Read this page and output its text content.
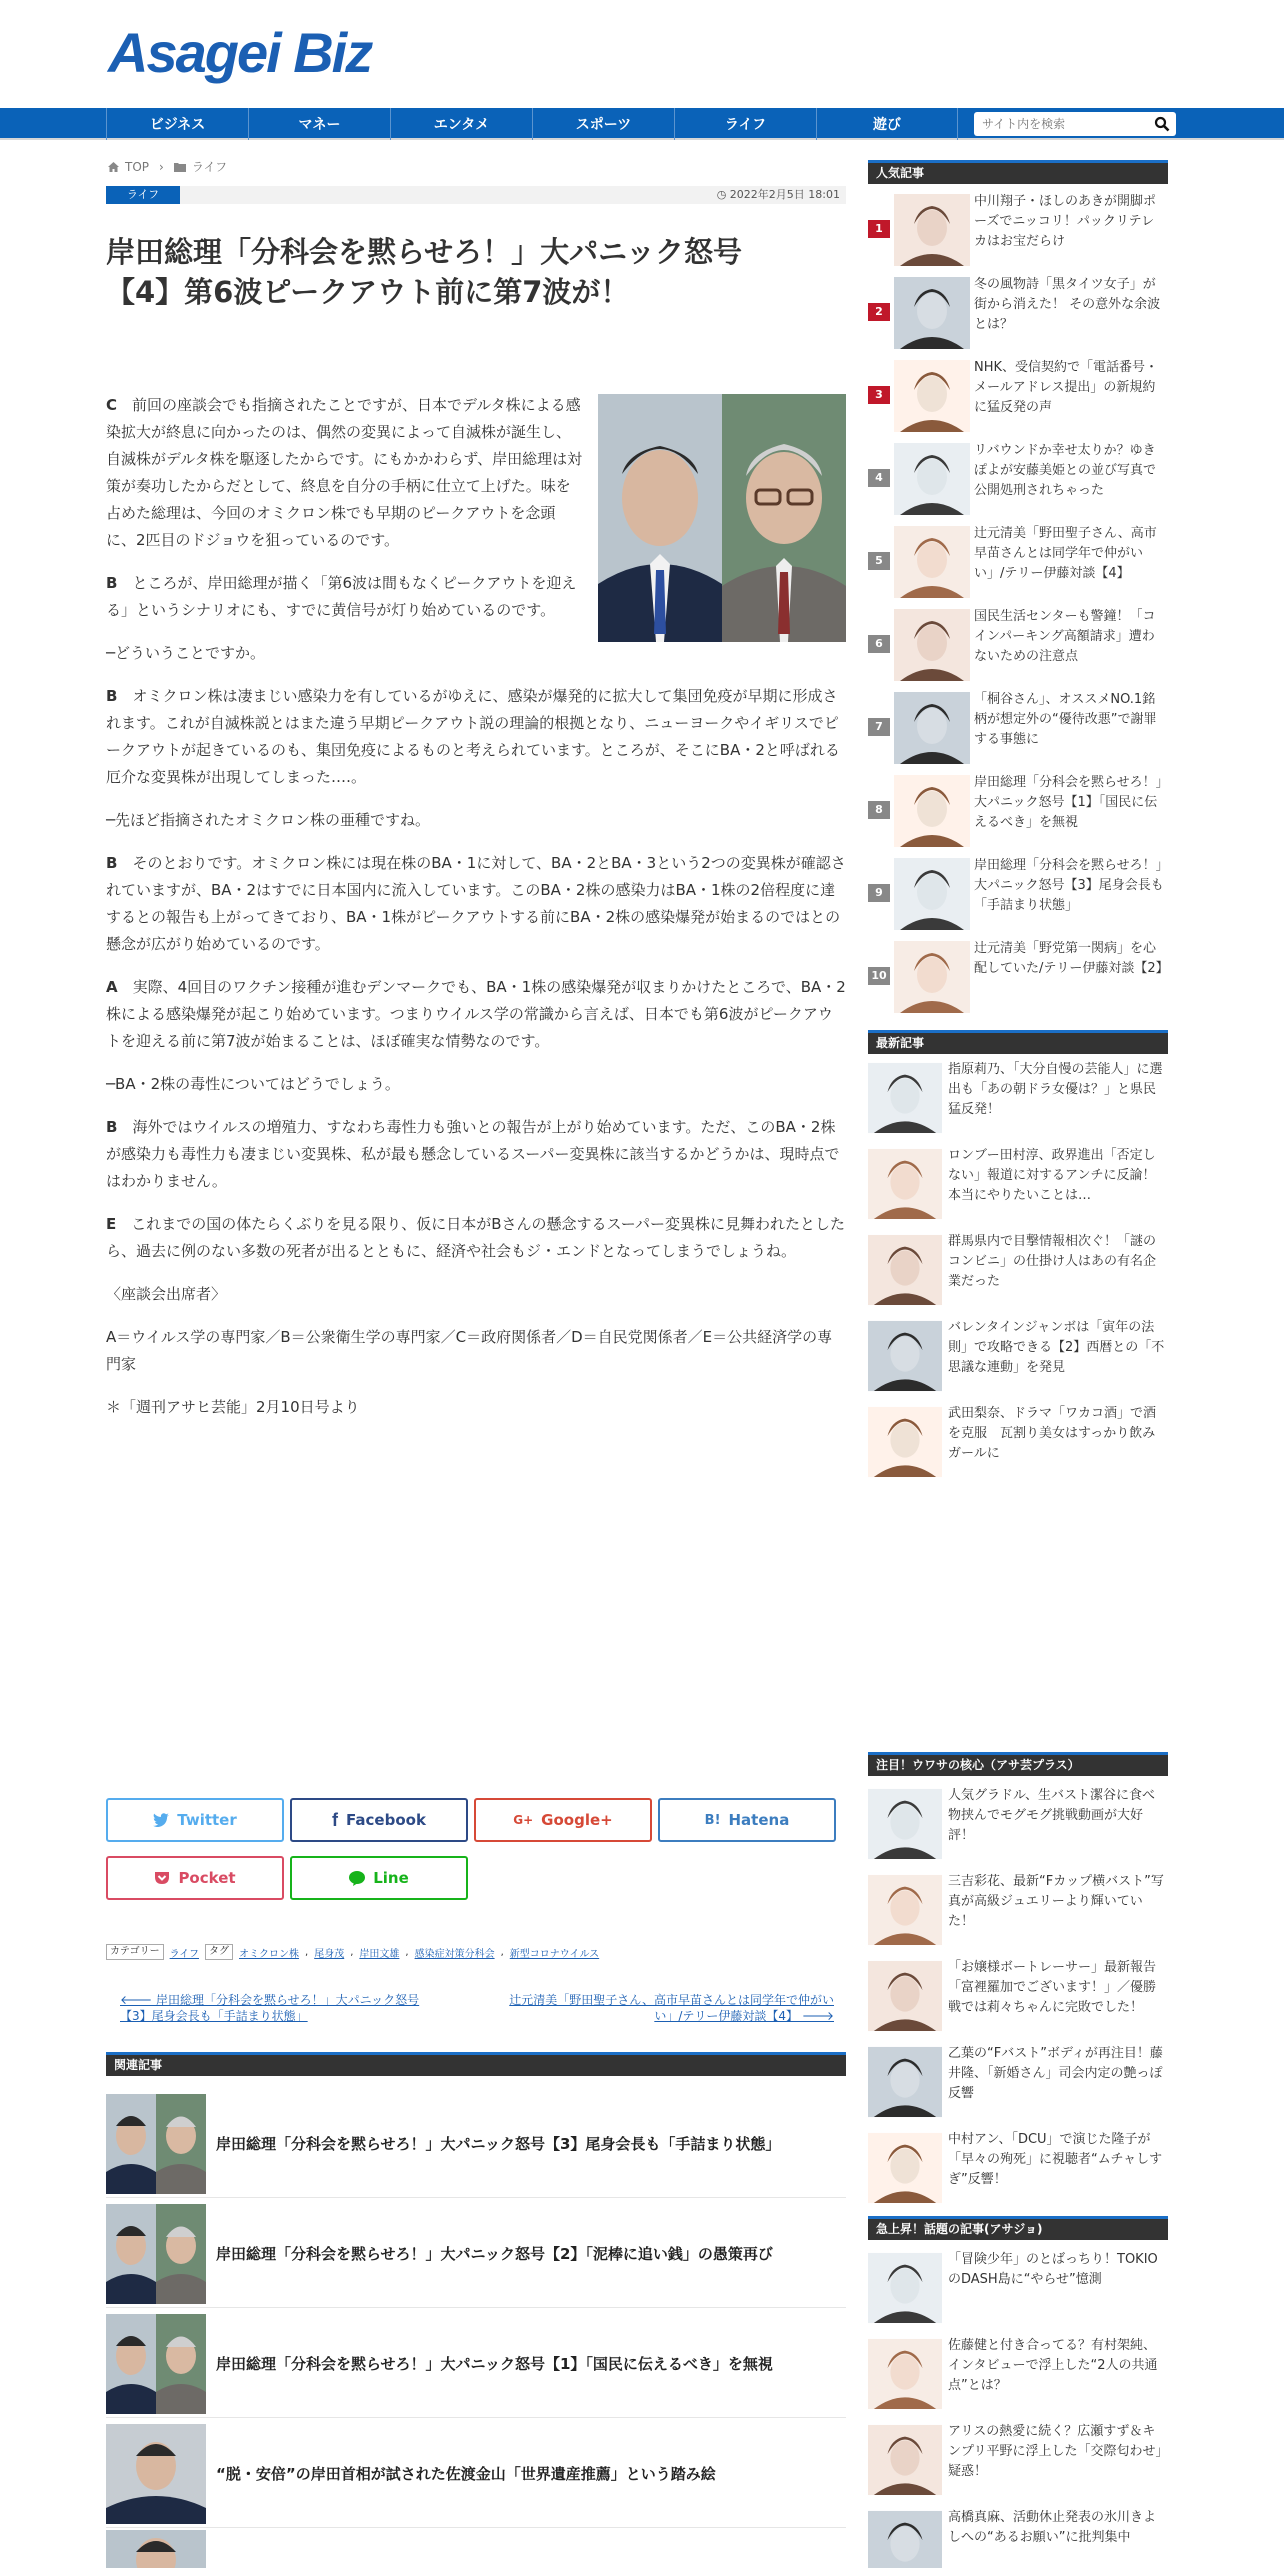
Asagei Biz
ビジネス	マネー	エンタメ	スポーツ	ライフ	遊び
サイト内を検索
TOP › ライフ
ライフ	◷ 2022年2月5日 18:01
岸田総理「分科会を黙らせろ！」大パニック怒号
【4】第6波ピークアウト前に第7波が！

C　前回の座談会でも指摘されたことですが、日本でデルタ株による感染拡大が終息に向かったのは、偶然の変異によって自滅株が誕生し、自滅株がデルタ株を駆逐したからです。にもかかわらず、岸田総理は対策が奏功したからだとして、終息を自分の手柄に仕立て上げた。味を占めた総理は、今回のオミクロン株でも早期のピークアウトを念頭に、2匹目のドジョウを狙っているのです。

B　ところが、岸田総理が描く「第6波は間もなくピークアウトを迎える」というシナリオにも、すでに黄信号が灯り始めているのです。

─どういうことですか。

B　オミクロン株は凄まじい感染力を有しているがゆえに、感染が爆発的に拡大して集団免疫が早期に形成されます。これが自滅株説とはまた違う早期ピークアウト説の理論的根拠となり、ニューヨークやイギリスでピークアウトが起きているのも、集団免疫によるものと考えられています。ところが、そこにBA・2と呼ばれる厄介な変異株が出現してしまった‥‥。

─先ほど指摘されたオミクロン株の亜種ですね。

B　そのとおりです。オミクロン株には現在株のBA・1に対して、BA・2とBA・3という2つの変異株が確認されていますが、BA・2はすでに日本国内に流入しています。このBA・2株の感染力はBA・1株の2倍程度に達するとの報告も上がってきており、BA・1株がピークアウトする前にBA・2株の感染爆発が始まるのではとの懸念が広がり始めているのです。

A　実際、4回目のワクチン接種が進むデンマークでも、BA・1株の感染爆発が収まりかけたところで、BA・2株による感染爆発が起こり始めています。つまりウイルス学の常識から言えば、日本でも第6波がピークアウトを迎える前に第7波が始まることは、ほぼ確実な情勢なのです。

─BA・2株の毒性についてはどうでしょう。

B　海外ではウイルスの増殖力、すなわち毒性力も強いとの報告が上がり始めています。ただ、このBA・2株が感染力も毒性力も凄まじい変異株、私が最も懸念しているスーパー変異株に該当するかどうかは、現時点ではわかりません。

E　これまでの国の体たらくぶりを見る限り、仮に日本がBさんの懸念するスーパー変異株に見舞われたとしたら、過去に例のない多数の死者が出るとともに、経済や社会もジ・エンドとなってしまうでしょうね。

〈座談会出席者〉

A＝ウイルス学の専門家／B＝公衆衛生学の専門家／C＝政府関係者／D＝自民党関係者／E＝公共経済学の専門家

＊「週刊アサヒ芸能」2月10日号より

Twitter	f Facebook	G+ Google+	B! Hatena
Pocket	Line
カテゴリー	ライフ	タグ	オミクロン株 , 尾身茂 , 岸田文雄 , 感染症対策分科会 , 新型コロナウイルス
🡐 岸田総理「分科会を黙らせろ！」大パニック怒号【3】尾身会長も「手詰まり状態」
辻元清美「野田聖子さん、高市早苗さんとは同学年で仲がいい」/テリー伊藤対談【4】 🡒
関連記事
岸田総理「分科会を黙らせろ！」大パニック怒号【3】尾身会長も「手詰まり状態」
岸田総理「分科会を黙らせろ！」大パニック怒号【2】「泥棒に追い銭」の愚策再び
岸田総理「分科会を黙らせろ！」大パニック怒号【1】「国民に伝えるべき」を無視
“脱・安倍”の岸田首相が試された佐渡金山「世界遺産推薦」という踏み絵
人気記事
1
中川翔子・ほしのあきが開脚ポーズでニッコリ！パックリテレカはお宝だらけ
2
冬の風物詩「黒タイツ女子」が街から消えた！ その意外な余波とは？
3
NHK、受信契約で「電話番号・メールアドレス提出」の新規約に猛反発の声
4
リバウンドか幸せ太りか？ゆきぽよが安藤美姫との並び写真で公開処刑されちゃった
5
辻元清美「野田聖子さん、高市早苗さんとは同学年で仲がいい」/テリー伊藤対談【4】
6
国民生活センターも警鐘！「コインパーキング高額請求」遭わないための注意点
7
「桐谷さん」、オススメNO.1銘柄が想定外の“優待改悪”で謝罪する事態に
8
岸田総理「分科会を黙らせろ！」大パニック怒号【1】「国民に伝えるべき」を無視
9
岸田総理「分科会を黙らせろ！」大パニック怒号【3】尾身会長も「手詰まり状態」
10
辻元清美「野党第一関病」を心配していた/テリー伊藤対談【2】
最新記事
指原莉乃、「大分自慢の芸能人」に選出も「あの朝ドラ女優は？」と県民猛反発！
ロンブー田村淳、政界進出「否定しない」報道に対するアンチに反論！本当にやりたいことは…
群馬県内で目撃情報相次ぐ！「謎のコンビニ」の仕掛け人はあの有名企業だった
バレンタインジャンボは「寅年の法則」で攻略できる【2】西暦との「不思議な連動」を発見
武田梨奈、ドラマ「ワカコ酒」で酒を克服　瓦割り美女はすっかり飲みガールに
注目！ウワサの核心（アサ芸プラス）
人気グラドル、生バスト潔谷に食べ物挟んでモグモグ挑戦動画が大好評！
三吉彩花、最新“Fカップ横バスト”写真が高級ジュエリーより輝いていた！
「お嬢様ボートレーサー」最新報告「富裡羅加でございます！」／優勝戦では莉々ちゃんに完敗でした！
乙葉の“Fバスト”ボディが再注目！藤井隆、「新婚さん」司会内定の艶っぽ反響
中村アン、「DCU」で演じた隆子が「早々の殉死」に視聴者“ムチャしすぎ”反響！
急上昇！話題の記事(アサジョ)
「冒険少年」のとばっちり！TOKIOのDASH島に“やらせ”憶測
佐藤健と付き合ってる？有村架純、インタビューで浮上した“2人の共通点”とは？
アリスの熱愛に続く？広瀬すず＆キンプリ平野に浮上した「交際匂わせ」疑惑！
高橋真麻、活動休止発表の氷川きよしへの“あるお願い”に批判集中
